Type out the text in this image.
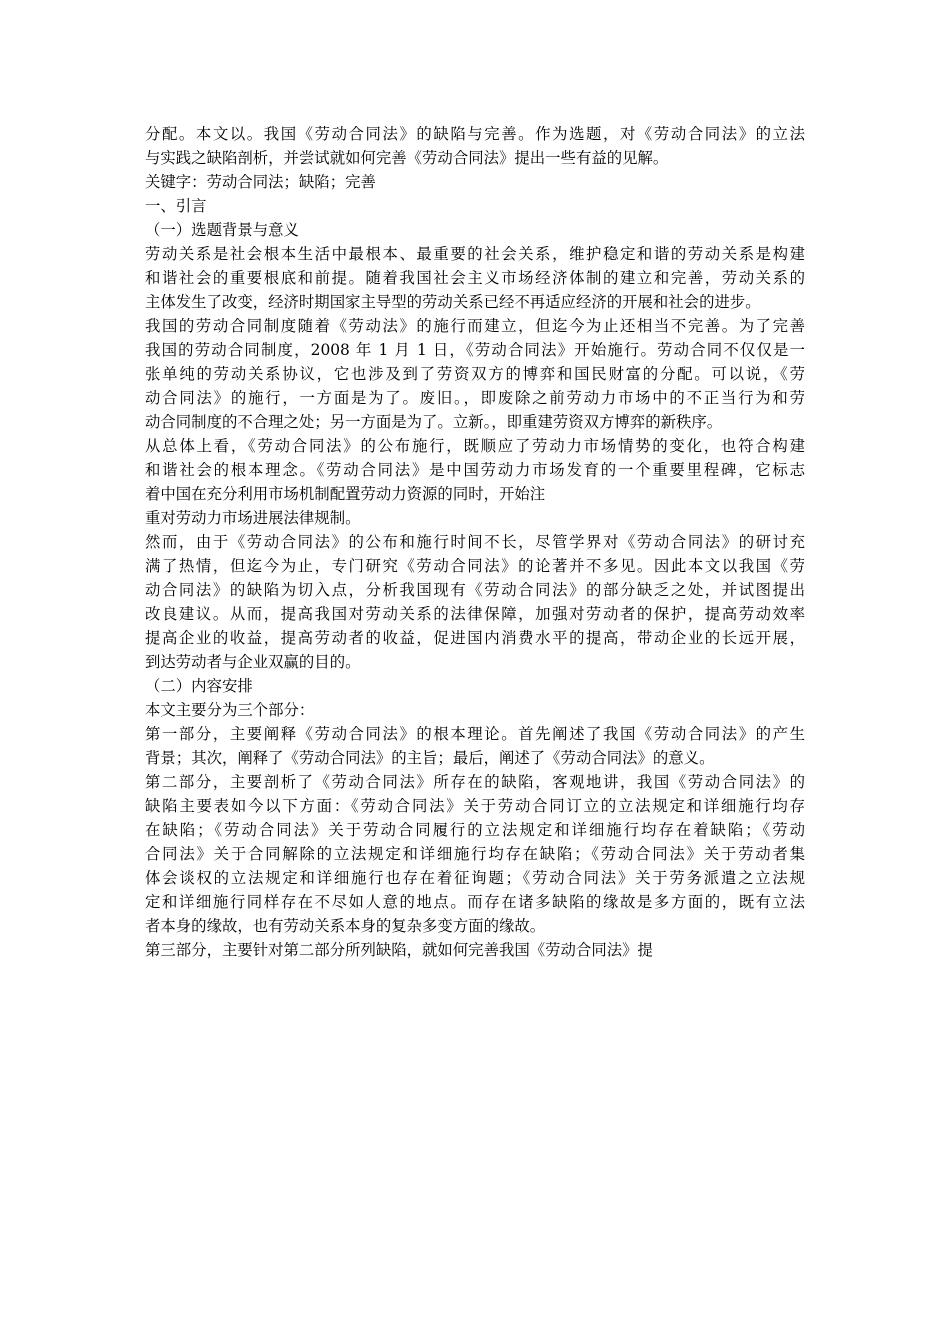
分配。本文以。我国《劳动合同法》的缺陷与完善。作为选题，对《劳动合同法》的立法
与实践之缺陷剖析，并尝试就如何完善《劳动合同法》提出一些有益的见解。
关键字：劳动合同法；缺陷；完善
一、引言
（一）选题背景与意义
劳动关系是社会根本生活中最根本、最重要的社会关系，维护稳定和谐的劳动关系是构建
和谐社会的重要根底和前提。随着我国社会主义市场经济体制的建立和完善，劳动关系的
主体发生了改变，经济时期国家主导型的劳动关系已经不再适应经济的开展和社会的进步。
我国的劳动合同制度随着《劳动法》的施行而建立，但迄今为止还相当不完善。为了完善
我国的劳动合同制度，2008 年 1 月 1 日，《劳动合同法》开始施行。劳动合同不仅仅是一
张单纯的劳动关系协议，它也涉及到了劳资双方的博弈和国民财富的分配。可以说，《劳
动合同法》的施行，一方面是为了。废旧。，即废除之前劳动力市场中的不正当行为和劳
动合同制度的不合理之处；另一方面是为了。立新。，即重建劳资双方博弈的新秩序。
从总体上看，《劳动合同法》的公布施行，既顺应了劳动力市场情势的变化，也符合构建
和谐社会的根本理念。《劳动合同法》是中国劳动力市场发育的一个重要里程碑，它标志
着中国在充分利用市场机制配置劳动力资源的同时，开始注
重对劳动力市场进展法律规制。
然而，由于《劳动合同法》的公布和施行时间不长，尽管学界对《劳动合同法》的研讨充
满了热情，但迄今为止，专门研究《劳动合同法》的论著并不多见。因此本文以我国《劳
动合同法》的缺陷为切入点，分析我国现有《劳动合同法》的部分缺乏之处，并试图提出
改良建议。从而，提高我国对劳动关系的法律保障，加强对劳动者的保护，提高劳动效率
提高企业的收益，提高劳动者的收益，促进国内消费水平的提高，带动企业的长远开展，
到达劳动者与企业双赢的目的。
（二）内容安排
本文主要分为三个部分：
第一部分，主要阐释《劳动合同法》的根本理论。首先阐述了我国《劳动合同法》的产生
背景；其次，阐释了《劳动合同法》的主旨；最后，阐述了《劳动合同法》的意义。
第二部分，主要剖析了《劳动合同法》所存在的缺陷，客观地讲，我国《劳动合同法》的
缺陷主要表如今以下方面：《劳动合同法》关于劳动合同订立的立法规定和详细施行均存
在缺陷；《劳动合同法》关于劳动合同履行的立法规定和详细施行均存在着缺陷；《劳动
合同法》关于合同解除的立法规定和详细施行均存在缺陷；《劳动合同法》关于劳动者集
体会谈权的立法规定和详细施行也存在着征询题；《劳动合同法》关于劳务派遣之立法规
定和详细施行同样存在不尽如人意的地点。而存在诸多缺陷的缘故是多方面的，既有立法
者本身的缘故，也有劳动关系本身的复杂多变方面的缘故。
第三部分，主要针对第二部分所列缺陷，就如何完善我国《劳动合同法》提
